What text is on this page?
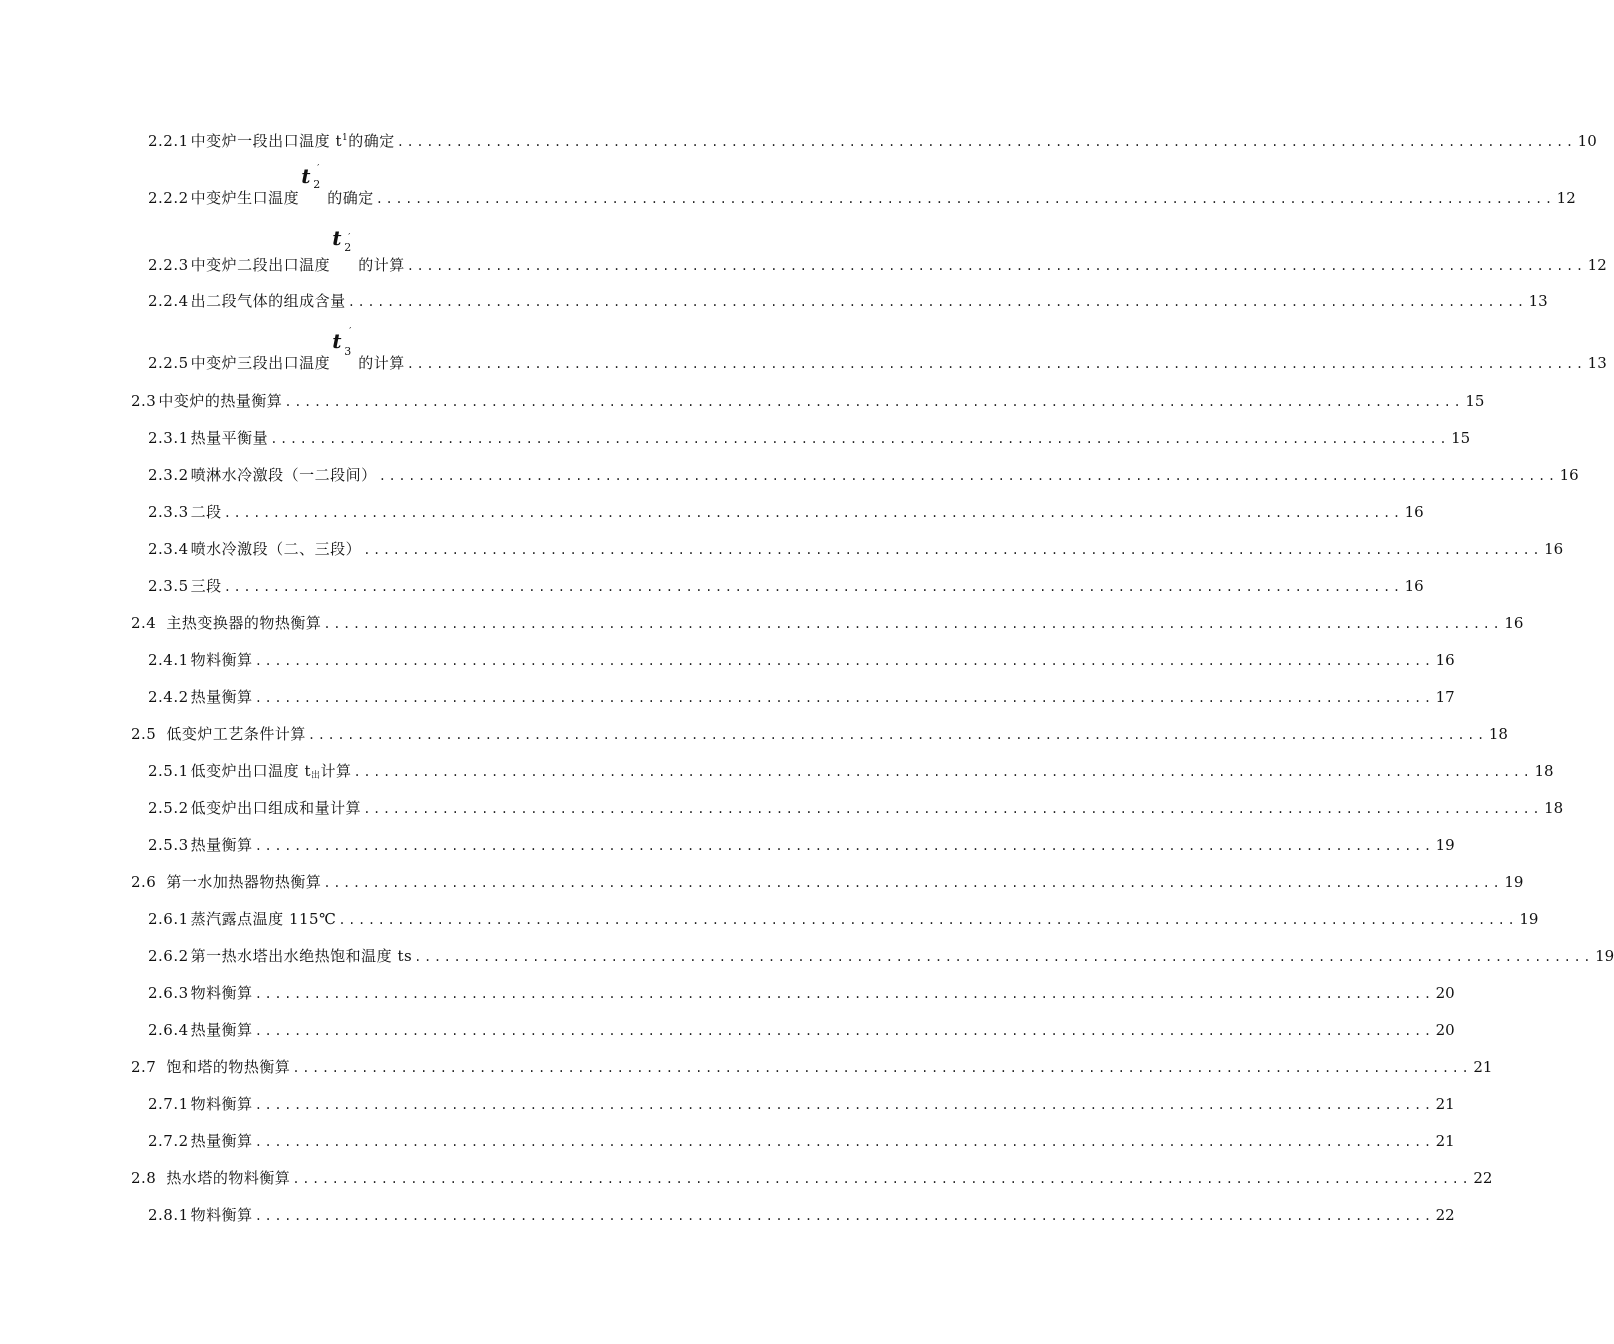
2.2.1 中变炉一段出口温度 $t^1$的确定 ........................................................................................................................ 10
2.2.2 中变炉生口温度
t 2
′
的确定 ........................................................................................................................ 12
2.2.3 中变炉二段出口温度
t 2
′
的计算 ........................................................................................................................ 12
2.2.4 出二段气体的组成含量 ........................................................................................................................ 13
2.2.5 中变炉三段出口温度
t 3
′
的计算 ........................................................................................................................ 13
2.3 中变炉的热量衡算 ........................................................................................................................ 15
2.3.1 热量平衡量 ........................................................................................................................ 15
2.3.2 喷淋水冷激段（一二段间） ........................................................................................................................ 16
2.3.3 二段 ........................................................................................................................ 16
2.3.4 喷水冷激段（二、三段） ........................................................................................................................ 16
2.3.5 三段 ........................................................................................................................ 16
2.4 主热变换器的物热衡算 ........................................................................................................................ 16
2.4.1 物料衡算 ........................................................................................................................ 16
2.4.2 热量衡算 ........................................................................................................................ 17
2.5 低变炉工艺条件计算 ........................................................................................................................ 18
2.5.1 低变炉出口温度 $t_出$计算 ........................................................................................................................ 18
2.5.2 低变炉出口组成和量计算 ........................................................................................................................ 18
2.5.3 热量衡算 ........................................................................................................................ 19
2.6 第一水加热器物热衡算 ........................................................................................................................ 19
2.6.1 蒸汽露点温度 115℃ ........................................................................................................................ 19
2.6.2 第一热水塔出水绝热饱和温度 ts ........................................................................................................................ 19
2.6.3 物料衡算 ........................................................................................................................ 20
2.6.4 热量衡算 ........................................................................................................................ 20
2.7 饱和塔的物热衡算 ........................................................................................................................ 21
2.7.1 物料衡算 ........................................................................................................................ 21
2.7.2 热量衡算 ........................................................................................................................ 21
2.8 热水塔的物料衡算 ........................................................................................................................ 22
2.8.1 物料衡算 ........................................................................................................................ 22
